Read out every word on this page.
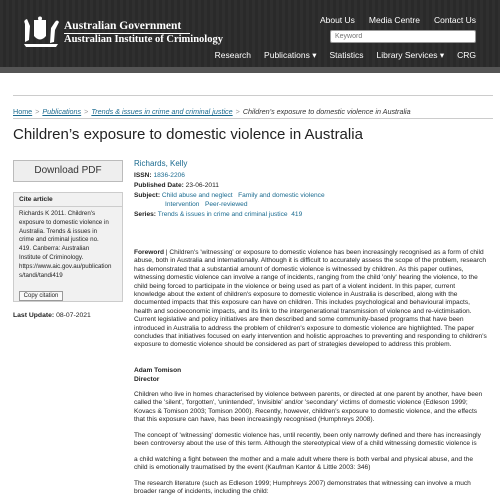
Australian Government
Australian Institute of Criminology
About Us Media Centre Contact Us
Keyword
Research Publications ▾ Statistics Library Services ▾ CRG
Home > Publications > Trends & issues in crime and criminal justice > Children’s exposure to domestic violence in Australia
Children’s exposure to domestic violence in Australia
Download PDF
Cite article
Richards K 2011. Children's
exposure to domestic violence in
Australia. Trends & issues in
crime and criminal justice no.
419. Canberra: Australian
Institute of Criminology.
https://www.aic.gov.au/publication
s/tandi/tandi419
Copy citation
Last Update: 08-07-2021
Richards, Kelly
ISSN: 1836-2206
Published Date: 23-06-2011
Subject: Child abuse and neglect Family and domestic violence
Intervention Peer-reviewed
Series: Trends & issues in crime and criminal justice 419

Foreword | Children's 'witnessing' or exposure to domestic violence has been increasingly recognised as a form of child abuse, both in Australia and internationally. Although it is difficult to accurately assess the scope of the problem, research has demonstrated that a substantial amount of domestic violence is witnessed by children. As this paper outlines, witnessing domestic violence can involve a range of incidents, ranging from the child 'only' hearing the violence, to the child being forced to participate in the violence or being used as part of a violent incident. In this paper, current knowledge about the extent of children's exposure to domestic violence in Australia is described, along with the documented impacts that this exposure can have on children. This includes psychological and behavioural impacts, health and socioeconomic impacts, and its link to the intergenerational transmission of violence and re-victimisation. Current legislative and policy initiatives are then described and some community-based programs that have been introduced in Australia to address the problem of children's exposure to domestic violence are highlighted. The paper concludes that initiatives focused on early intervention and holistic approaches to preventing and responding to children's exposure to domestic violence should be considered as part of strategies developed to address this problem.

Adam Tomison
Director
Children who live in homes characterised by violence between parents, or directed at one parent by another, have been called the 'silent', 'forgotten', 'unintended', 'invisible' and/or 'secondary' victims of domestic violence (Edleson 1999; Kovacs & Tomison 2003; Tomison 2000). Recently, however, children's exposure to domestic violence, and the effects that this exposure can have, has been increasingly recognised (Humphreys 2008).
The concept of 'witnessing' domestic violence has, until recently, been only narrowly defined and there has increasingly been controversy about the use of this term. Although the stereotypical view of a child witnessing domestic violence is
a child watching a fight between the mother and a male adult where there is both verbal and physical abuse, and the child is emotionally traumatised by the event (Kaufman Kantor & Little 2003: 346)
The research literature (such as Edleson 1999; Humphreys 2007) demonstrates that witnessing can involve a much broader range of incidents, including the child:
